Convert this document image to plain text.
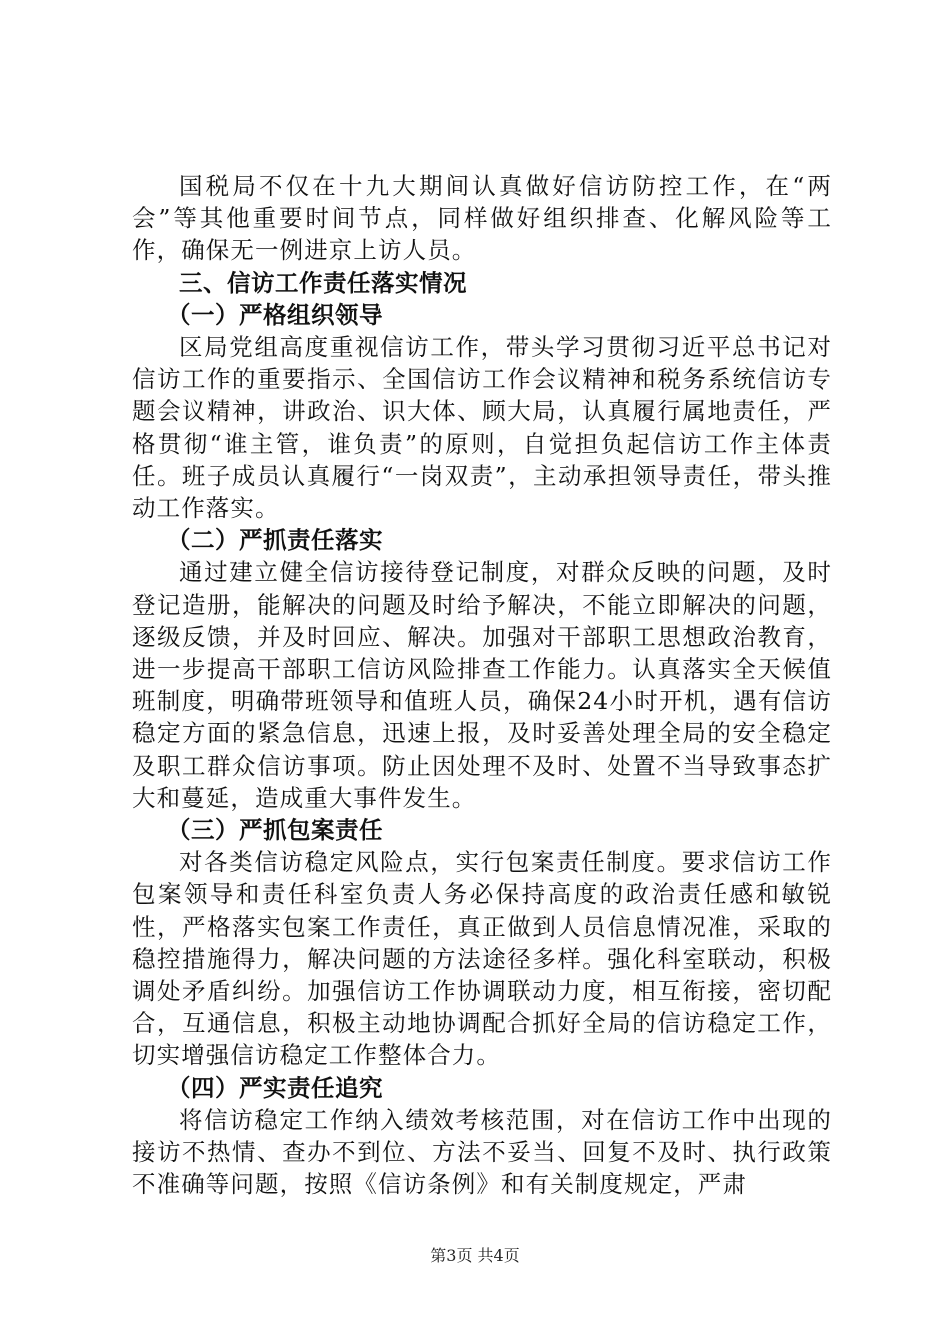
国税局不仅在十九大期间认真做好信访防控工作，在“两会”等其他重要时间节点，同样做好组织排查、化解风险等工作，确保无一例进京上访人员。

三、信访工作责任落实情况
（一）严格组织领导

区局党组高度重视信访工作，带头学习贯彻习近平总书记对信访工作的重要指示、全国信访工作会议精神和税务系统信访专题会议精神，讲政治、识大体、顾大局，认真履行属地责任，严格贯彻“谁主管，谁负责”的原则，自觉担负起信访工作主体责任。班子成员认真履行“一岗双责”，主动承担领导责任，带头推动工作落实。

（二）严抓责任落实

通过建立健全信访接待登记制度，对群众反映的问题，及时登记造册，能解决的问题及时给予解决，不能立即解决的问题，逐级反馈，并及时回应、解决。加强对干部职工思想政治教育，进一步提高干部职工信访风险排查工作能力。认真落实全天候值班制度，明确带班领导和值班人员，确保24小时开机，遇有信访稳定方面的紧急信息，迅速上报，及时妥善处理全局的安全稳定及职工群众信访事项。防止因处理不及时、处置不当导致事态扩大和蔓延，造成重大事件发生。

（三）严抓包案责任

对各类信访稳定风险点，实行包案责任制度。要求信访工作包案领导和责任科室负责人务必保持高度的政治责任感和敏锐性，严格落实包案工作责任，真正做到人员信息情况准，采取的稳控措施得力，解决问题的方法途径多样。强化科室联动，积极调处矛盾纠纷。加强信访工作协调联动力度，相互衔接，密切配合，互通信息，积极主动地协调配合抓好全局的信访稳定工作，切实增强信访稳定工作整体合力。

（四）严实责任追究

将信访稳定工作纳入绩效考核范围，对在信访工作中出现的接访不热情、查办不到位、方法不妥当、回复不及时、执行政策不准确等问题，按照《信访条例》和有关制度规定，严肃

第3页 共4页
